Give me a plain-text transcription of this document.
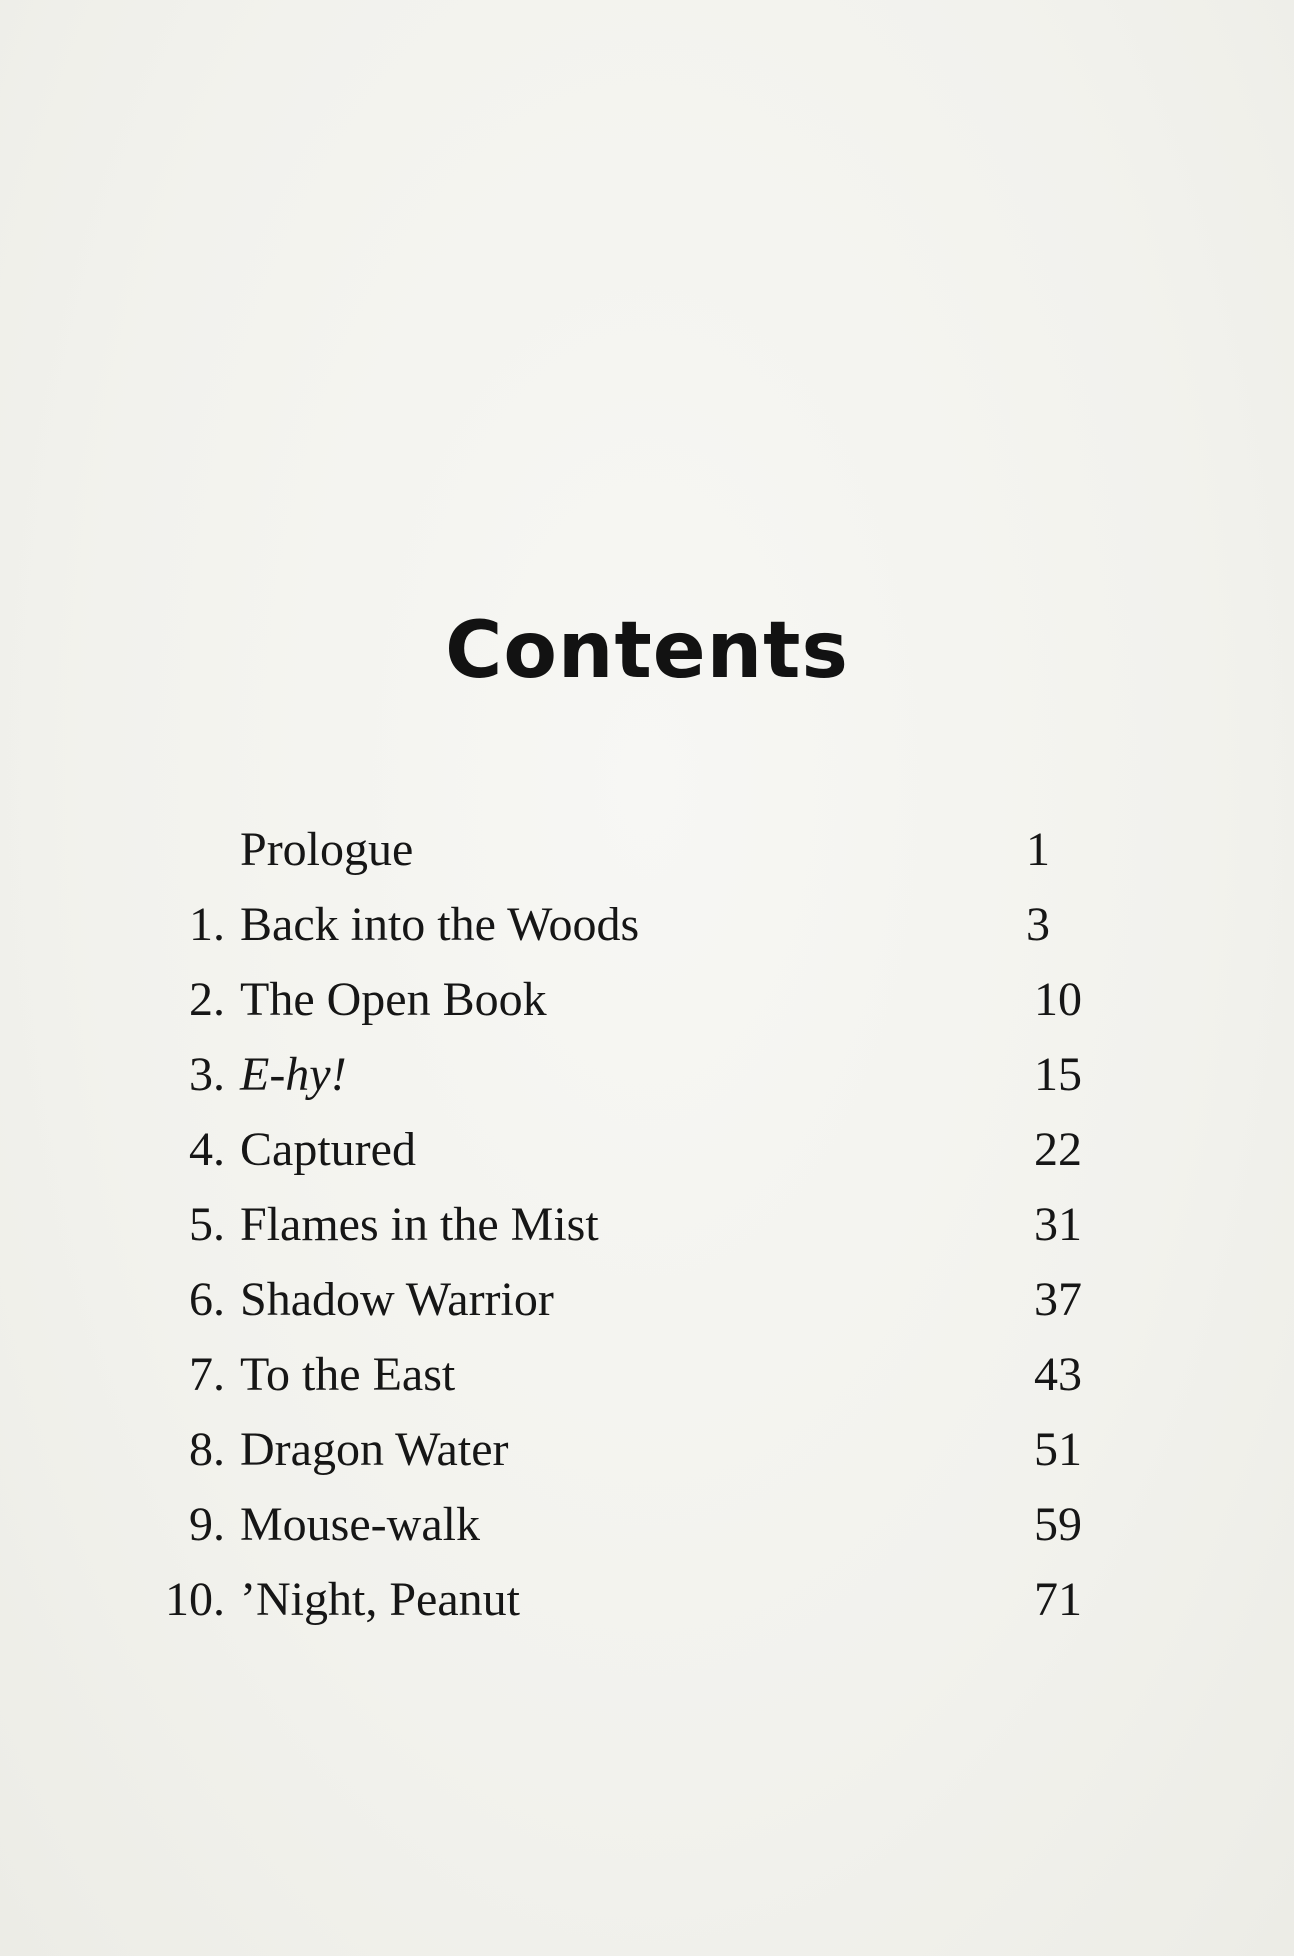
Contents
Prologue	1
1. Back into the Woods	3
2. The Open Book	10
3. E-hy!	15
4. Captured	22
5. Flames in the Mist	31
6. Shadow Warrior	37
7. To the East	43
8. Dragon Water	51
9. Mouse-walk	59
10. ’Night, Peanut	71
